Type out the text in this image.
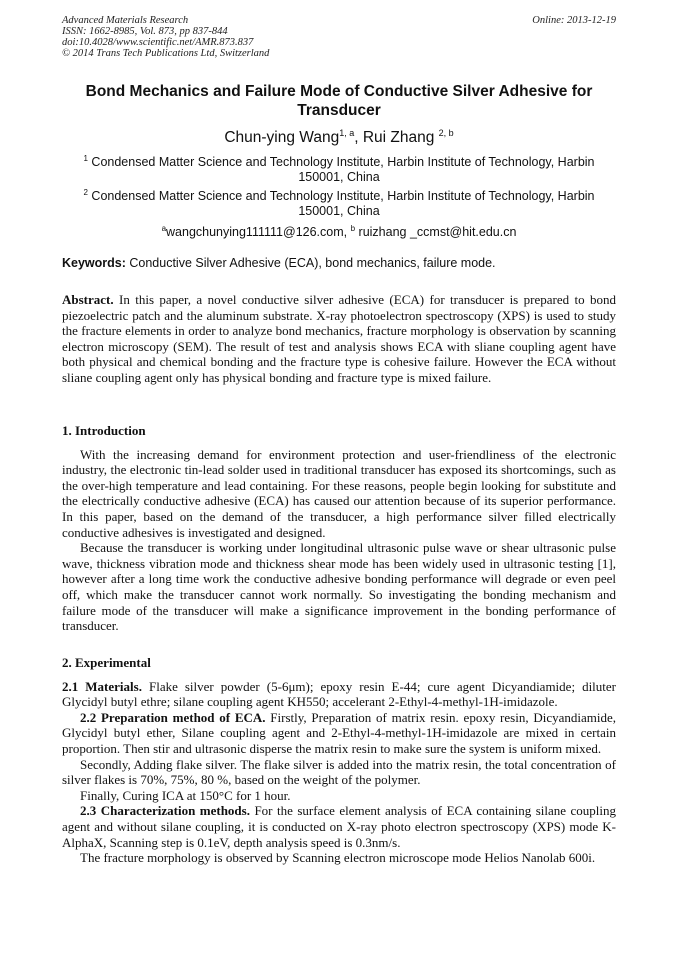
Advanced Materials Research
ISSN: 1662-8985, Vol. 873, pp 837-844
doi:10.4028/www.scientific.net/AMR.873.837
© 2014 Trans Tech Publications Ltd, Switzerland
Online: 2013-12-19
Bond Mechanics and Failure Mode of Conductive Silver Adhesive for
Transducer
Chun-ying Wang$^{1, a}$, Rui Zhang $^{2, b}$
$^1$ Condensed Matter Science and Technology Institute, Harbin Institute of Technology, Harbin
150001, China
$^2$ Condensed Matter Science and Technology Institute, Harbin Institute of Technology, Harbin
150001, China
$^a$wangchunying111111@126.com, $^b$ ruizhang _ccmst@hit.edu.cn
Keywords: Conductive Silver Adhesive (ECA), bond mechanics, failure mode.

Abstract. In this paper, a novel conductive silver adhesive (ECA) for transducer is prepared to bond piezoelectric patch and the aluminum substrate. X-ray photoelectron spectroscopy (XPS) is used to study the fracture elements in order to analyze bond mechanics, fracture morphology is observation by scanning electron microscopy (SEM). The result of test and analysis shows ECA with sliane coupling agent have both physical and chemical bonding and the fracture type is cohesive failure. However the ECA without sliane coupling agent only has physical bonding and fracture type is mixed failure.

1. Introduction

With the increasing demand for environment protection and user-friendliness of the electronic industry, the electronic tin-lead solder used in traditional transducer has exposed its shortcomings, such as the over-high temperature and lead containing. For these reasons, people begin looking for substitute and the electrically conductive adhesive (ECA) has caused our attention because of its superior performance. In this paper, based on the demand of the transducer, a high performance silver filled electrically conductive adhesives is investigated and designed.

Because the transducer is working under longitudinal ultrasonic pulse wave or shear ultrasonic pulse wave, thickness vibration mode and thickness shear mode has been widely used in ultrasonic testing [1], however after a long time work the conductive adhesive bonding performance will degrade or even peel off, which make the transducer cannot work normally. So investigating the bonding mechanism and failure mode of the transducer will make a significance improvement in the bonding performance of transducer.

2. Experimental

2.1 Materials. Flake silver powder (5-6μm); epoxy resin E-44; cure agent Dicyandiamide; diluter Glycidyl butyl ethre; silane coupling agent KH550; accelerant 2-Ethyl-4-methyl-1H-imidazole.

2.2 Preparation method of ECA. Firstly, Preparation of matrix resin. epoxy resin, Dicyandiamide, Glycidyl butyl ether, Silane coupling agent and 2-Ethyl-4-methyl-1H-imidazole are mixed in certain proportion. Then stir and ultrasonic disperse the matrix resin to make sure the system is uniform mixed.

Secondly, Adding flake silver. The flake silver is added into the matrix resin, the total concentration of silver flakes is 70%, 75%, 80 %, based on the weight of the polymer.

Finally, Curing ICA at 150°C for 1 hour.

2.3 Characterization methods. For the surface element analysis of ECA containing silane coupling agent and without silane coupling, it is conducted on X-ray photo electron spectroscopy (XPS) mode K-AlphaX, Scanning step is 0.1eV, depth analysis speed is 0.3nm/s.

The fracture morphology is observed by Scanning electron microscope mode Helios Nanolab 600i.
